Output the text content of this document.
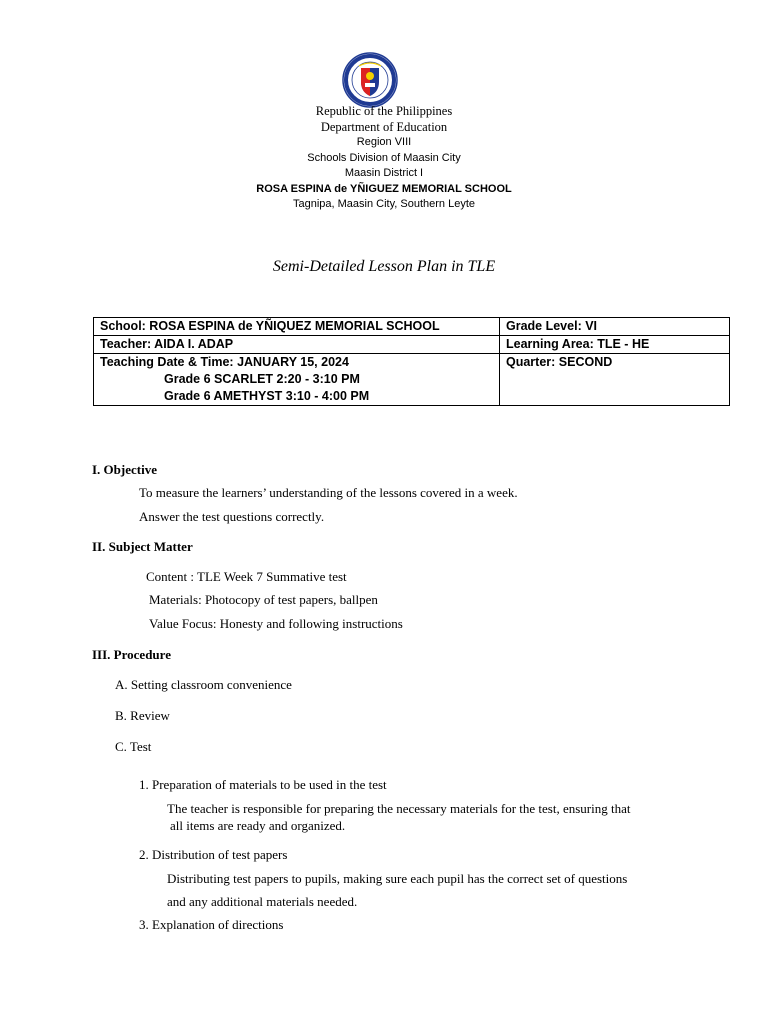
Republic of the Philippines
Department of Education
Region VIII
Schools Division of Maasin City
Maasin District I
ROSA ESPINA de YÑIGUEZ MEMORIAL SCHOOL
Tagnipa, Maasin City, Southern Leyte
Semi-Detailed Lesson Plan in TLE
School: ROSA ESPINA de YÑIQUEZ MEMORIAL SCHOOL	Grade Level: VI
Teacher: AIDA I. ADAP	Learning Area: TLE - HE

Teaching Date & Time: JANUARY 15, 2024
Grade 6 SCARLET 2:20 - 3:10 PM
Grade 6 AMETHYST 3:10 - 4:00 PM	Quarter: SECOND
I. Objective
To measure the learners’ understanding of the lessons covered in a week.
Answer the test questions correctly.
II. Subject Matter
Content : TLE Week 7 Summative test
Materials: Photocopy of test papers, ballpen
Value Focus: Honesty and following instructions
III. Procedure
A. Setting classroom convenience
B. Review
C. Test
1. Preparation of materials to be used in the test
The teacher is responsible for preparing the necessary materials for the test, ensuring that
all items are ready and organized.
2. Distribution of test papers
Distributing test papers to pupils, making sure each pupil has the correct set of questions
and any additional materials needed.
3. Explanation of directions
